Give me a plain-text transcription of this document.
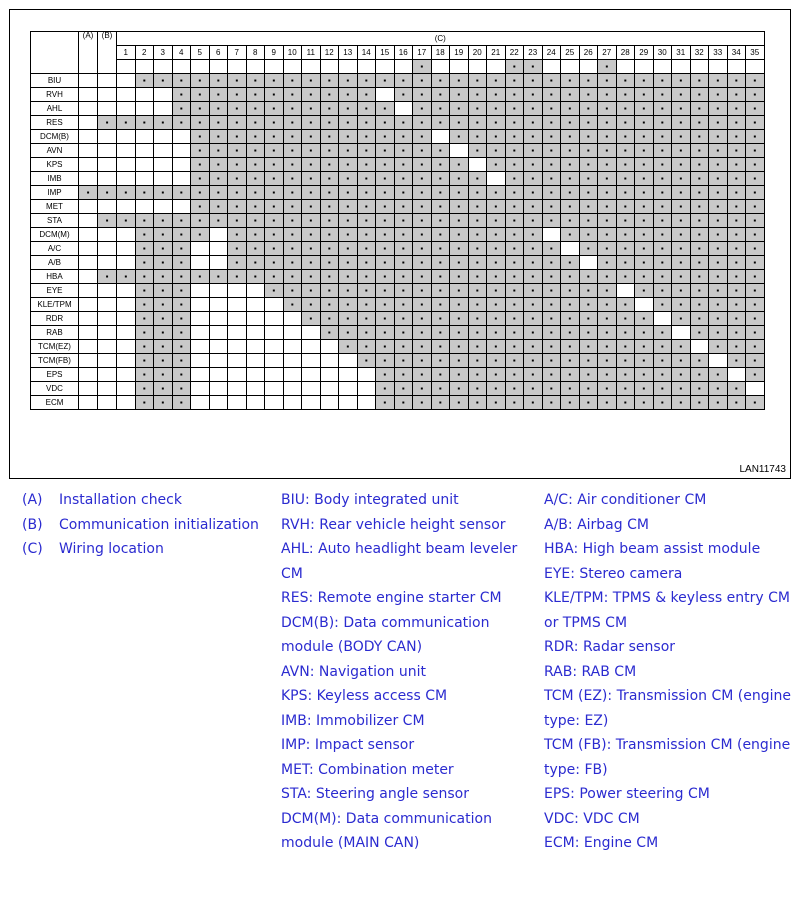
	(A)	(B)	(C)																																		
			1	2	3	4	5	6	7	8	9	10	11	12	13	14	15	16	17	18	19	20	21	22	23	24	25	26	27	28	29	30	31	32	33	34	35
																			▪					▪	▪				▪								
BIU				▪	▪	▪	▪	▪	▪	▪	▪	▪	▪	▪	▪	▪	▪	▪	▪	▪	▪	▪	▪	▪	▪	▪	▪	▪	▪	▪	▪	▪	▪	▪	▪	▪	▪
RVH						▪	▪	▪	▪	▪	▪	▪	▪	▪	▪	▪		▪	▪	▪	▪	▪	▪	▪	▪	▪	▪	▪	▪	▪	▪	▪	▪	▪	▪	▪	▪
AHL						▪	▪	▪	▪	▪	▪	▪	▪	▪	▪	▪	▪		▪	▪	▪	▪	▪	▪	▪	▪	▪	▪	▪	▪	▪	▪	▪	▪	▪	▪	▪
RES		▪	▪	▪	▪	▪	▪	▪	▪	▪	▪	▪	▪	▪	▪	▪	▪	▪	▪	▪	▪	▪	▪	▪	▪	▪	▪	▪	▪	▪	▪	▪	▪	▪	▪	▪	▪
DCM(B)							▪	▪	▪	▪	▪	▪	▪	▪	▪	▪	▪	▪	▪		▪	▪	▪	▪	▪	▪	▪	▪	▪	▪	▪	▪	▪	▪	▪	▪	▪
AVN							▪	▪	▪	▪	▪	▪	▪	▪	▪	▪	▪	▪	▪	▪		▪	▪	▪	▪	▪	▪	▪	▪	▪	▪	▪	▪	▪	▪	▪	▪
KPS							▪	▪	▪	▪	▪	▪	▪	▪	▪	▪	▪	▪	▪	▪	▪		▪	▪	▪	▪	▪	▪	▪	▪	▪	▪	▪	▪	▪	▪	▪
IMB							▪	▪	▪	▪	▪	▪	▪	▪	▪	▪	▪	▪	▪	▪	▪	▪		▪	▪	▪	▪	▪	▪	▪	▪	▪	▪	▪	▪	▪	▪
IMP	▪	▪	▪	▪	▪	▪	▪	▪	▪	▪	▪	▪	▪	▪	▪	▪	▪	▪	▪	▪	▪	▪	▪	▪	▪	▪	▪	▪	▪	▪	▪	▪	▪	▪	▪	▪	▪
MET							▪	▪	▪	▪	▪	▪	▪	▪	▪	▪	▪	▪	▪	▪	▪	▪	▪	▪	▪	▪	▪	▪	▪	▪	▪	▪	▪	▪	▪	▪	▪
STA		▪	▪	▪	▪	▪	▪	▪	▪	▪	▪	▪	▪	▪	▪	▪	▪	▪	▪	▪	▪	▪	▪	▪	▪	▪	▪	▪	▪	▪	▪	▪	▪	▪	▪	▪	▪
DCM(M)				▪	▪	▪	▪		▪	▪	▪	▪	▪	▪	▪	▪	▪	▪	▪	▪	▪	▪	▪	▪	▪		▪	▪	▪	▪	▪	▪	▪	▪	▪	▪	▪
A/C				▪	▪	▪			▪	▪	▪	▪	▪	▪	▪	▪	▪	▪	▪	▪	▪	▪	▪	▪	▪	▪		▪	▪	▪	▪	▪	▪	▪	▪	▪	▪
A/B				▪	▪	▪			▪	▪	▪	▪	▪	▪	▪	▪	▪	▪	▪	▪	▪	▪	▪	▪	▪	▪	▪		▪	▪	▪	▪	▪	▪	▪	▪	▪
HBA		▪	▪	▪	▪	▪	▪	▪	▪	▪	▪	▪	▪	▪	▪	▪	▪	▪	▪	▪	▪	▪	▪	▪	▪	▪	▪	▪	▪	▪	▪	▪	▪	▪	▪	▪	▪
EYE				▪	▪	▪					▪	▪	▪	▪	▪	▪	▪	▪	▪	▪	▪	▪	▪	▪	▪	▪	▪	▪	▪		▪	▪	▪	▪	▪	▪	▪
KLE/TPM				▪	▪	▪						▪	▪	▪	▪	▪	▪	▪	▪	▪	▪	▪	▪	▪	▪	▪	▪	▪	▪	▪		▪	▪	▪	▪	▪	▪
RDR				▪	▪	▪							▪	▪	▪	▪	▪	▪	▪	▪	▪	▪	▪	▪	▪	▪	▪	▪	▪	▪	▪		▪	▪	▪	▪	▪
RAB				▪	▪	▪								▪	▪	▪	▪	▪	▪	▪	▪	▪	▪	▪	▪	▪	▪	▪	▪	▪	▪	▪		▪	▪	▪	▪
TCM(EZ)				▪	▪	▪									▪	▪	▪	▪	▪	▪	▪	▪	▪	▪	▪	▪	▪	▪	▪	▪	▪	▪	▪		▪	▪	▪
TCM(FB)				▪	▪	▪										▪	▪	▪	▪	▪	▪	▪	▪	▪	▪	▪	▪	▪	▪	▪	▪	▪	▪	▪		▪	▪
EPS				▪	▪	▪											▪	▪	▪	▪	▪	▪	▪	▪	▪	▪	▪	▪	▪	▪	▪	▪	▪	▪	▪		▪
VDC				▪	▪	▪											▪	▪	▪	▪	▪	▪	▪	▪	▪	▪	▪	▪	▪	▪	▪	▪	▪	▪	▪	▪	
ECM				▪	▪	▪											▪	▪	▪	▪	▪	▪	▪	▪	▪	▪	▪	▪	▪	▪	▪	▪	▪	▪	▪	▪	▪
LAN11743
(A) Installation check
(B) Communication initialization
(C) Wiring location
BIU: Body integrated unit
RVH: Rear vehicle height sensor
AHL: Auto headlight beam leveler CM
RES: Remote engine starter CM
DCM(B): Data communication module (BODY CAN)
AVN: Navigation unit
KPS: Keyless access CM
IMB: Immobilizer CM
IMP: Impact sensor
MET: Combination meter
STA: Steering angle sensor
DCM(M): Data communication module (MAIN CAN)
A/C: Air conditioner CM
A/B: Airbag CM
HBA: High beam assist module
EYE: Stereo camera
KLE/TPM: TPMS & keyless entry CM or TPMS CM
RDR: Radar sensor
RAB: RAB CM
TCM (EZ): Transmission CM (engine type: EZ)
TCM (FB): Transmission CM (engine type: FB)
EPS: Power steering CM
VDC: VDC CM
ECM: Engine CM
